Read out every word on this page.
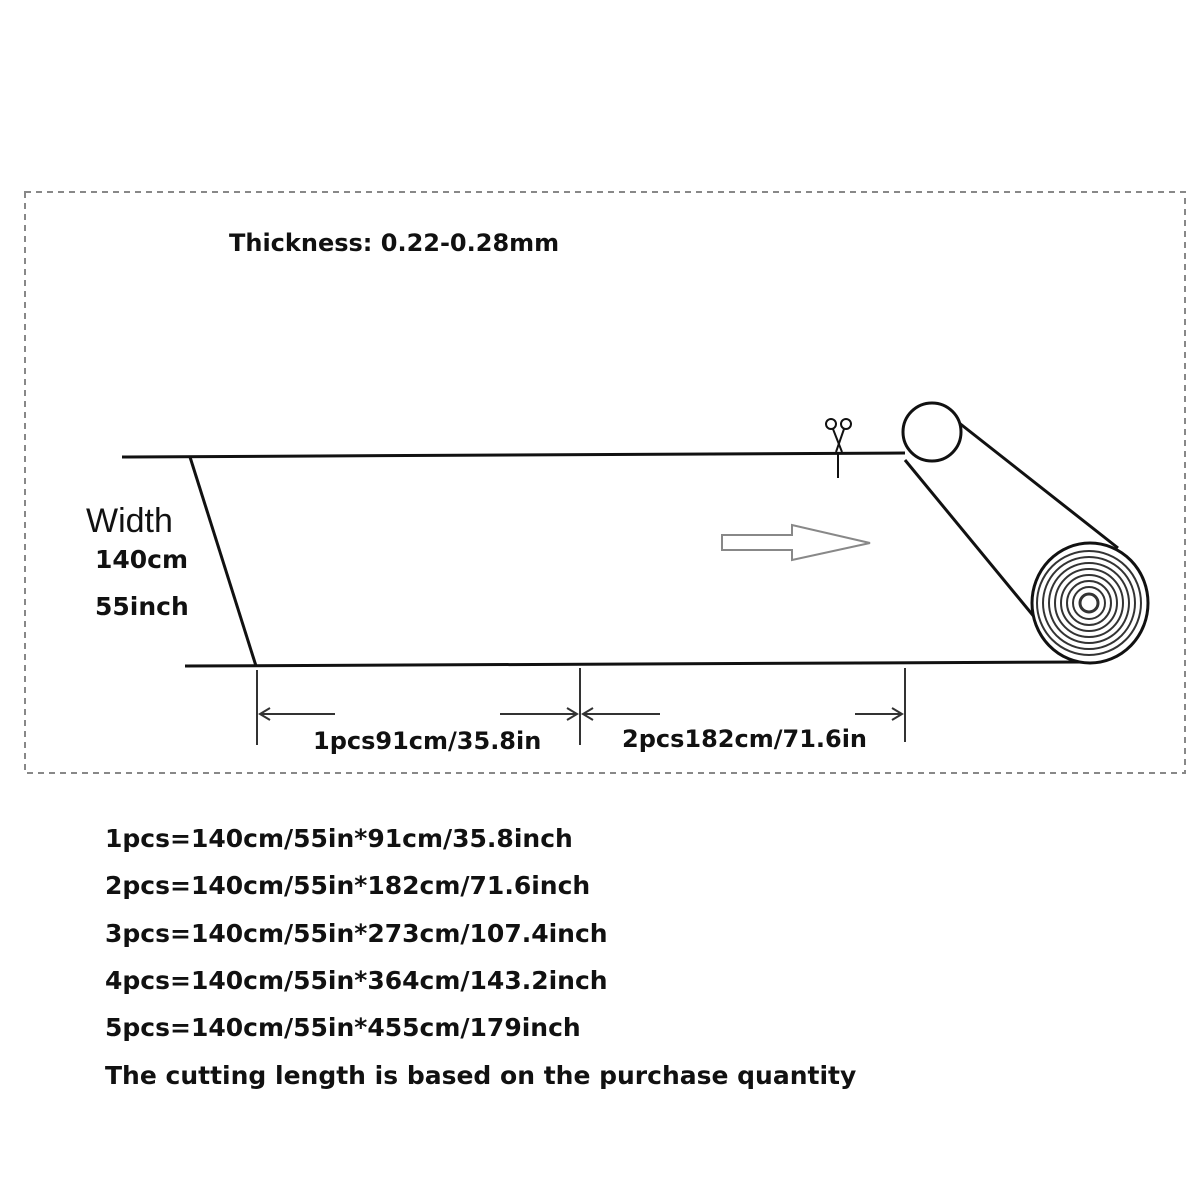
Thickness: 0.22-0.28mm
Width
140cm
55inch
1pcs91cm/35.8in	2pcs182cm/71.6in
1pcs=140cm/55in*91cm/35.8inch
2pcs=140cm/55in*182cm/71.6inch
3pcs=140cm/55in*273cm/107.4inch
4pcs=140cm/55in*364cm/143.2inch
5pcs=140cm/55in*455cm/179inch
The cutting length is based on the purchase quantity
